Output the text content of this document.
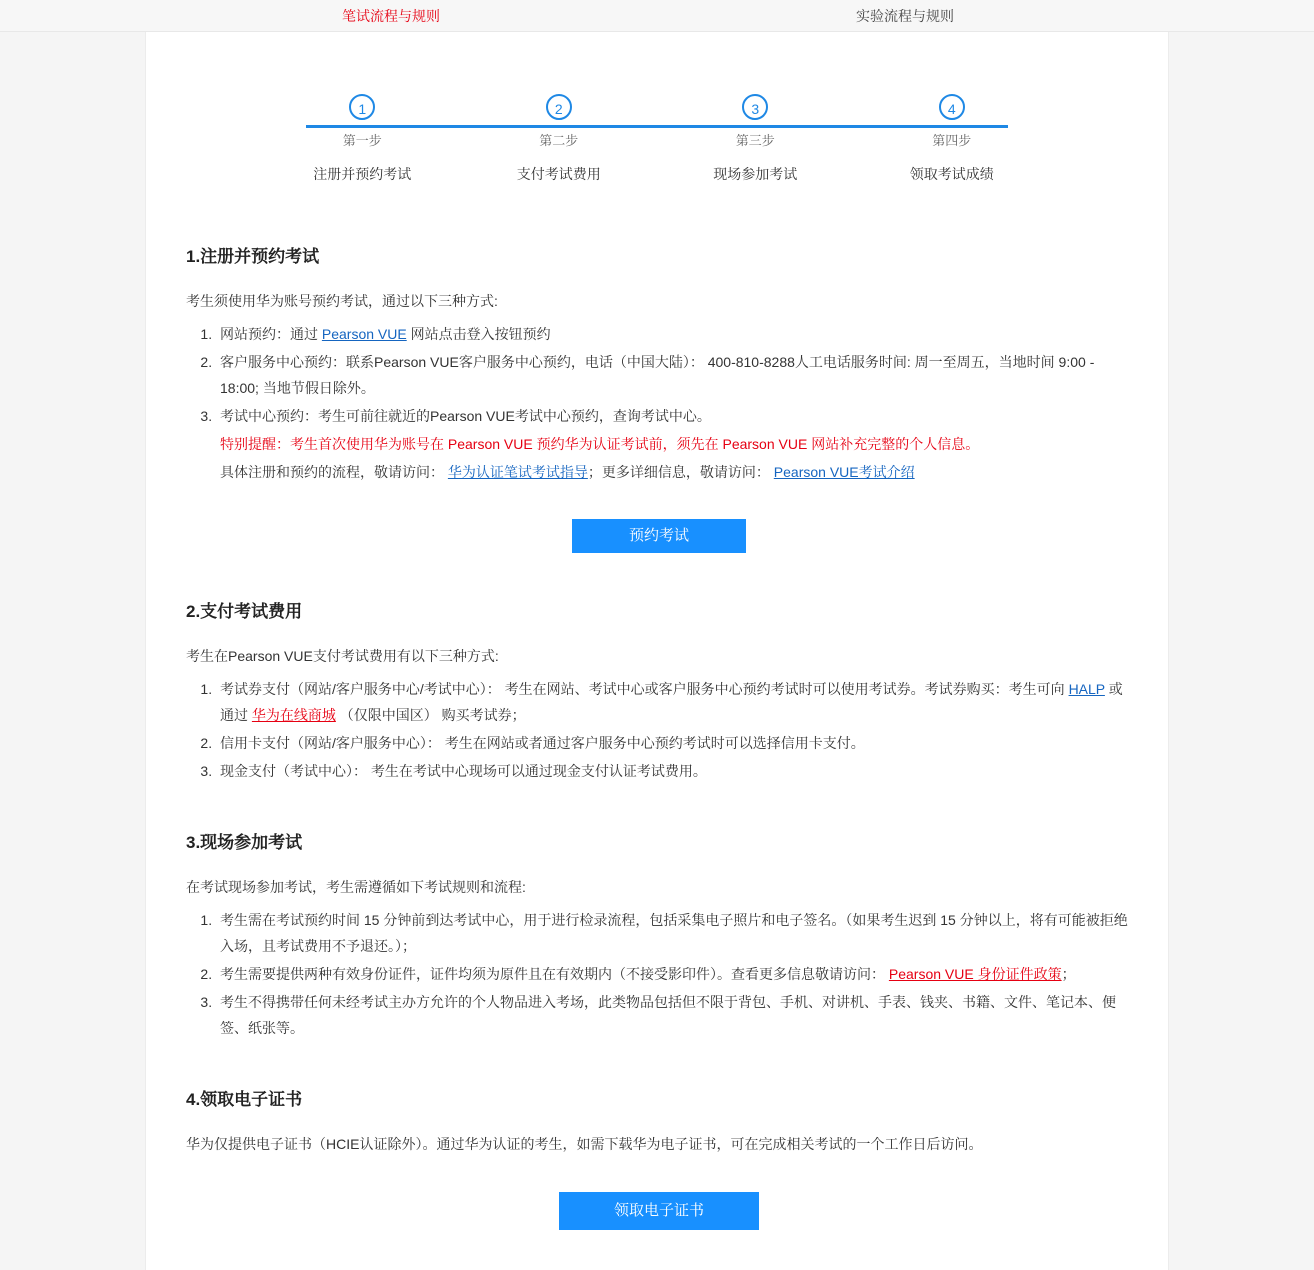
笔试流程与规则	实验流程与规则
1
第一步
注册并预约考试
2
第二步
支付考试费用
3
第三步
现场参加考试
4
第四步
领取考试成绩
1.注册并预约考试

考生须使用华为账号预约考试，通过以下三种方式:

1. 网站预约：通过 Pearson VUE 网站点击登入按钮预约
2. 客户服务中心预约：联系Pearson VUE客户服务中心预约，电话（中国大陆）： 400-810-8288人工电话服务时间: 周一至周五，当地时间 9:00 - 18:00; 当地节假日除外。
3. 考试中心预约：考生可前往就近的Pearson VUE考试中心预约，查询考试中心。
特别提醒：考生首次使用华为账号在 Pearson VUE 预约华为认证考试前，须先在 Pearson VUE 网站补充完整的个人信息。
具体注册和预约的流程，敬请访问： 华为认证笔试考试指导；更多详细信息，敬请访问： Pearson VUE考试介绍
预约考试
2.支付考试费用

考生在Pearson VUE支付考试费用有以下三种方式:

1. 考试券支付（网站/客户服务中心/考试中心）： 考生在网站、考试中心或客户服务中心预约考试时可以使用考试券。考试券购买：考生可向 HALP 或通过 华为在线商城 （仅限中国区） 购买考试券；
2. 信用卡支付（网站/客户服务中心）： 考生在网站或者通过客户服务中心预约考试时可以选择信用卡支付。
3. 现金支付（考试中心）： 考生在考试中心现场可以通过现金支付认证考试费用。
3.现场参加考试

在考试现场参加考试，考生需遵循如下考试规则和流程:

1. 考生需在考试预约时间 15 分钟前到达考试中心，用于进行检录流程，包括采集电子照片和电子签名。（如果考生迟到 15 分钟以上，将有可能被拒绝入场，且考试费用不予退还。）；
2. 考生需要提供两种有效身份证件，证件均须为原件且在有效期内（不接受影印件）。查看更多信息敬请访问： Pearson VUE 身份证件政策；
3. 考生不得携带任何未经考试主办方允许的个人物品进入考场，此类物品包括但不限于背包、手机、对讲机、手表、钱夹、书籍、文件、笔记本、便签、纸张等。
4.领取电子证书

华为仅提供电子证书（HCIE认证除外）。通过华为认证的考生，如需下载华为电子证书，可在完成相关考试的一个工作日后访问。

领取电子证书
